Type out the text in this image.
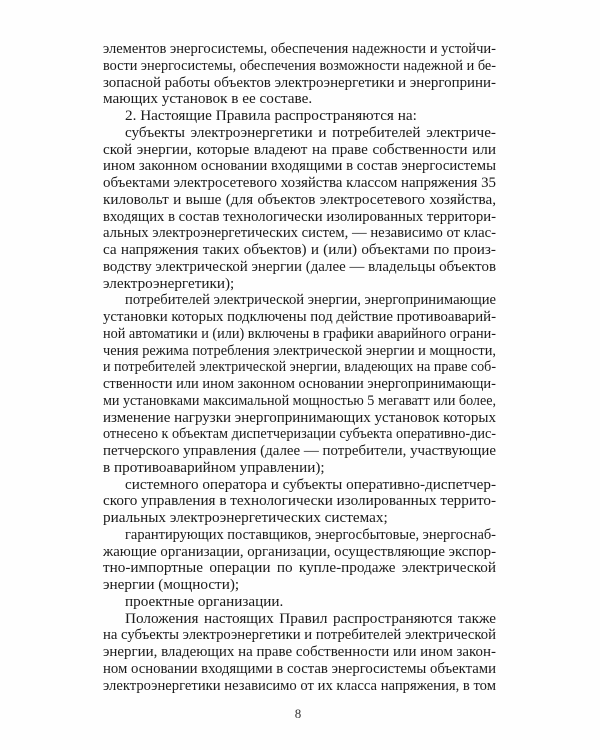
элементов энергосистемы, обеспечения надежности и устойчи-
вости энергосистемы, обеспечения возможности надежной и бе-
зопасной работы объектов электроэнергетики и энергоприни-
мающих установок в ее составе.
2. Настоящие Правила распространяются на:
субъекты электроэнергетики и потребителей электриче-
ской энергии, которые владеют на праве собственности или
ином законном основании входящими в состав энергосистемы
объектами электросетевого хозяйства классом напряжения 35
киловольт и выше (для объектов электросетевого хозяйства,
входящих в состав технологически изолированных территори-
альных электроэнергетических систем, — независимо от клас-
са напряжения таких объектов) и (или) объектами по произ-
водству электрической энергии (далее — владельцы объектов
электроэнергетики);
потребителей электрической энергии, энергопринимающие
установки которых подключены под действие противоаварий-
ной автоматики и (или) включены в графики аварийного ограни-
чения режима потребления электрической энергии и мощности,
и потребителей электрической энергии, владеющих на праве соб-
ственности или ином законном основании энергопринимающи-
ми установками максимальной мощностью 5 мегаватт или более,
изменение нагрузки энергопринимающих установок которых
отнесено к объектам диспетчеризации субъекта оперативно-дис-
петчерского управления (далее — потребители, участвующие
в противоаварийном управлении);
системного оператора и субъекты оперативно-диспетчер-
ского управления в технологически изолированных террито-
риальных электроэнергетических системах;
гарантирующих поставщиков, энергосбытовые, энергоснаб-
жающие организации, организации, осуществляющие экспор-
тно-импортные операции по купле-продаже электрической
энергии (мощности);
проектные организации.
Положения настоящих Правил распространяются также
на субъекты электроэнергетики и потребителей электрической
энергии, владеющих на праве собственности или ином закон-
ном основании входящими в состав энергосистемы объектами
электроэнергетики независимо от их класса напряжения, в том
8
